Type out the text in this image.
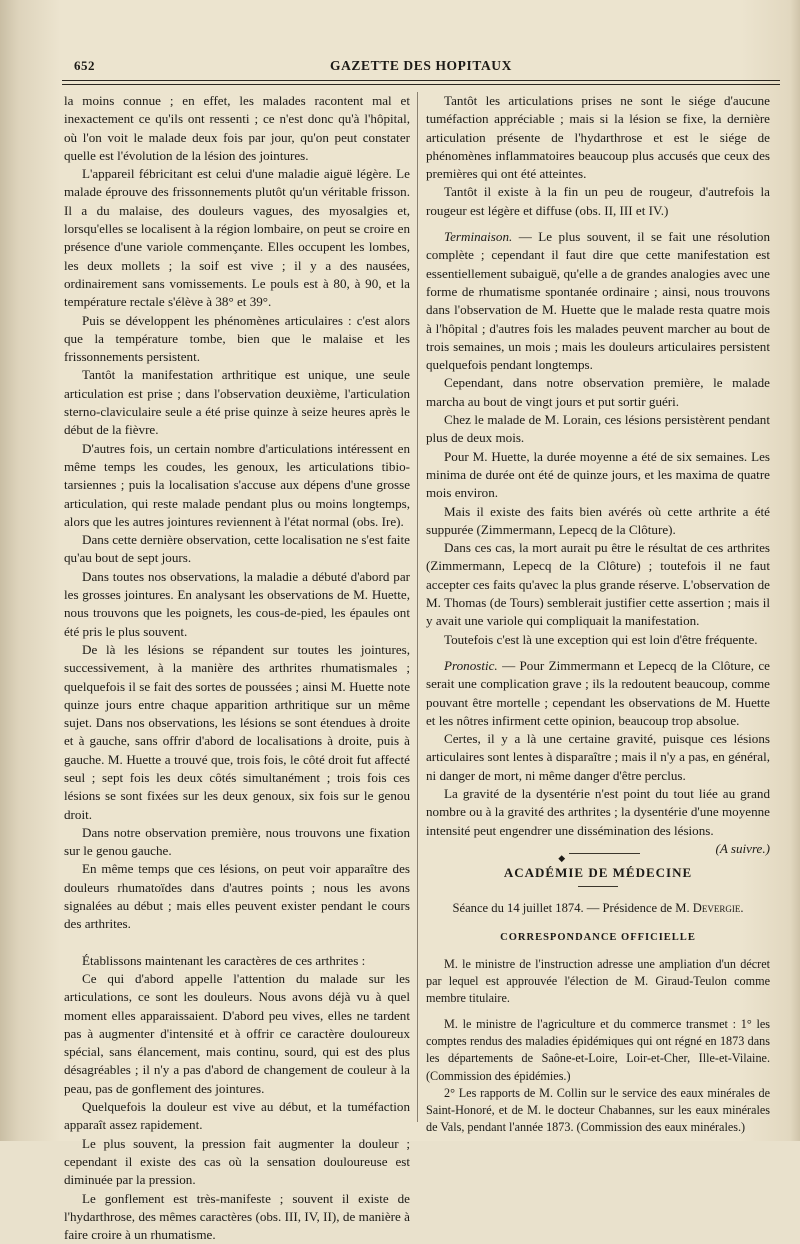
652	GAZETTE DES HOPITAUX

la moins connue ; en effet, les malades racontent mal et inexactement ce qu'ils ont ressenti ; ce n'est donc qu'à l'hôpital, où l'on voit le malade deux fois par jour, qu'on peut constater quelle est l'évolution de la lésion des jointures.

L'appareil fébricitant est celui d'une maladie aiguë légère. Le malade éprouve des frissonnements plutôt qu'un véritable frisson. Il a du malaise, des douleurs vagues, des myosalgies et, lorsqu'elles se localisent à la région lombaire, on peut se croire en présence d'une variole commençante. Elles occupent les lombes, les deux mollets ; la soif est vive ; il y a des nausées, ordinairement sans vomissements. Le pouls est à 80, à 90, et la température rectale s'élève à 38° et 39°.

Puis se développent les phénomènes articulaires : c'est alors que la température tombe, bien que le malaise et les frissonnements persistent.

Tantôt la manifestation arthritique est unique, une seule articulation est prise ; dans l'observation deuxième, l'articulation sterno-claviculaire seule a été prise quinze à seize heures après le début de la fièvre.

D'autres fois, un certain nombre d'articulations intéressent en même temps les coudes, les genoux, les articulations tibio-tarsiennes ; puis la localisation s'accuse aux dépens d'une grosse articulation, qui reste malade pendant plus ou moins longtemps, alors que les autres jointures reviennent à l'état normal (obs. Ire).

Dans cette dernière observation, cette localisation ne s'est faite qu'au bout de sept jours.

Dans toutes nos observations, la maladie a débuté d'abord par les grosses jointures. En analysant les observations de M. Huette, nous trouvons que les poignets, les cous-de-pied, les épaules ont été pris le plus souvent.

De là les lésions se répandent sur toutes les jointures, successivement, à la manière des arthrites rhumatismales ; quelquefois il se fait des sortes de poussées ; ainsi M. Huette note quinze jours entre chaque apparition arthritique sur un même sujet. Dans nos observations, les lésions se sont étendues à droite et à gauche, sans offrir d'abord de localisations à droite, puis à gauche. M. Huette a trouvé que, trois fois, le côté droit fut affecté seul ; sept fois les deux côtés simultanément ; trois fois ces lésions se sont fixées sur les deux genoux, six fois sur le genou droit.

Dans notre observation première, nous trouvons une fixation sur le genou gauche.

En même temps que ces lésions, on peut voir apparaître des douleurs rhumatoïdes dans d'autres points ; nous les avons signalées au début ; mais elles peuvent exister pendant le cours des arthrites.

Établissons maintenant les caractères de ces arthrites :

Ce qui d'abord appelle l'attention du malade sur les articulations, ce sont les douleurs. Nous avons déjà vu à quel moment elles apparaissaient. D'abord peu vives, elles ne tardent pas à augmenter d'intensité et à offrir ce caractère douloureux spécial, sans élancement, mais continu, sourd, qui est des plus désagréables ; il n'y a pas d'abord de changement de couleur à la peau, pas de gonflement des jointures.

Quelquefois la douleur est vive au début, et la tuméfaction apparaît assez rapidement.

Le plus souvent, la pression fait augmenter la douleur ; cependant il existe des cas où la sensation douloureuse est diminuée par la pression.

Le gonflement est très-manifeste ; souvent il existe de l'hydarthrose, des mêmes caractères (obs. III, IV, II), de manière à faire croire à un rhumatisme.

Tantôt les articulations prises ne sont le siége d'aucune tuméfaction appréciable ; mais si la lésion se fixe, la dernière articulation présente de l'hydarthrose et est le siége de phénomènes inflammatoires beaucoup plus accusés que ceux des premières qui ont été atteintes.

Tantôt il existe à la fin un peu de rougeur, d'autrefois la rougeur est légère et diffuse (obs. II, III et IV.)

Terminaison. — Le plus souvent, il se fait une résolution complète ; cependant il faut dire que cette manifestation est essentiellement subaiguë, qu'elle a de grandes analogies avec une forme de rhumatisme spontanée ordinaire ; ainsi, nous trouvons dans l'observation de M. Huette que le malade resta quatre mois à l'hôpital ; d'autres fois les malades peuvent marcher au bout de trois semaines, un mois ; mais les douleurs articulaires persistent quelquefois pendant longtemps.

Cependant, dans notre observation première, le malade marcha au bout de vingt jours et put sortir guéri.

Chez le malade de M. Lorain, ces lésions persistèrent pendant plus de deux mois.

Pour M. Huette, la durée moyenne a été de six semaines. Les minima de durée ont été de quinze jours, et les maxima de quatre mois environ.

Mais il existe des faits bien avérés où cette arthrite a été suppurée (Zimmermann, Lepecq de la Clôture).

Dans ces cas, la mort aurait pu être le résultat de ces arthrites (Zimmermann, Lepecq de la Clôture) ; toutefois il ne faut accepter ces faits qu'avec la plus grande réserve. L'observation de M. Thomas (de Tours) semblerait justifier cette assertion ; mais il y avait une variole qui compliquait la manifestation.

Toutefois c'est là une exception qui est loin d'être fréquente.

Pronostic. — Pour Zimmermann et Lepecq de la Clôture, ce serait une complication grave ; ils la redoutent beaucoup, comme pouvant être mortelle ; cependant les observations de M. Huette et les nôtres infirment cette opinion, beaucoup trop absolue.

Certes, il y a là une certaine gravité, puisque ces lésions articulaires sont lentes à disparaître ; mais il n'y a pas, en général, ni danger de mort, ni même danger d'être perclus.

La gravité de la dysentérie n'est point du tout liée au grand nombre ou à la gravité des arthrites ; la dysentérie d'une moyenne intensité peut engendrer une dissémination des lésions.
(A suivre.)

◆
ACADÉMIE DE MÉDECINE
Séance du 14 juillet 1874. — Présidence de M. Devergie.
CORRESPONDANCE OFFICIELLE

M. le ministre de l'instruction adresse une ampliation d'un décret par lequel est approuvée l'élection de M. Giraud-Teulon comme membre titulaire.

M. le ministre de l'agriculture et du commerce transmet : 1° les comptes rendus des maladies épidémiques qui ont régné en 1873 dans les départements de Saône-et-Loire, Loir-et-Cher, Ille-et-Vilaine. (Commission des épidémies.)

2° Les rapports de M. Collin sur le service des eaux minérales de Saint-Honoré, et de M. le docteur Chabannes, sur les eaux minérales de Vals, pendant l'année 1873. (Commission des eaux minérales.)
